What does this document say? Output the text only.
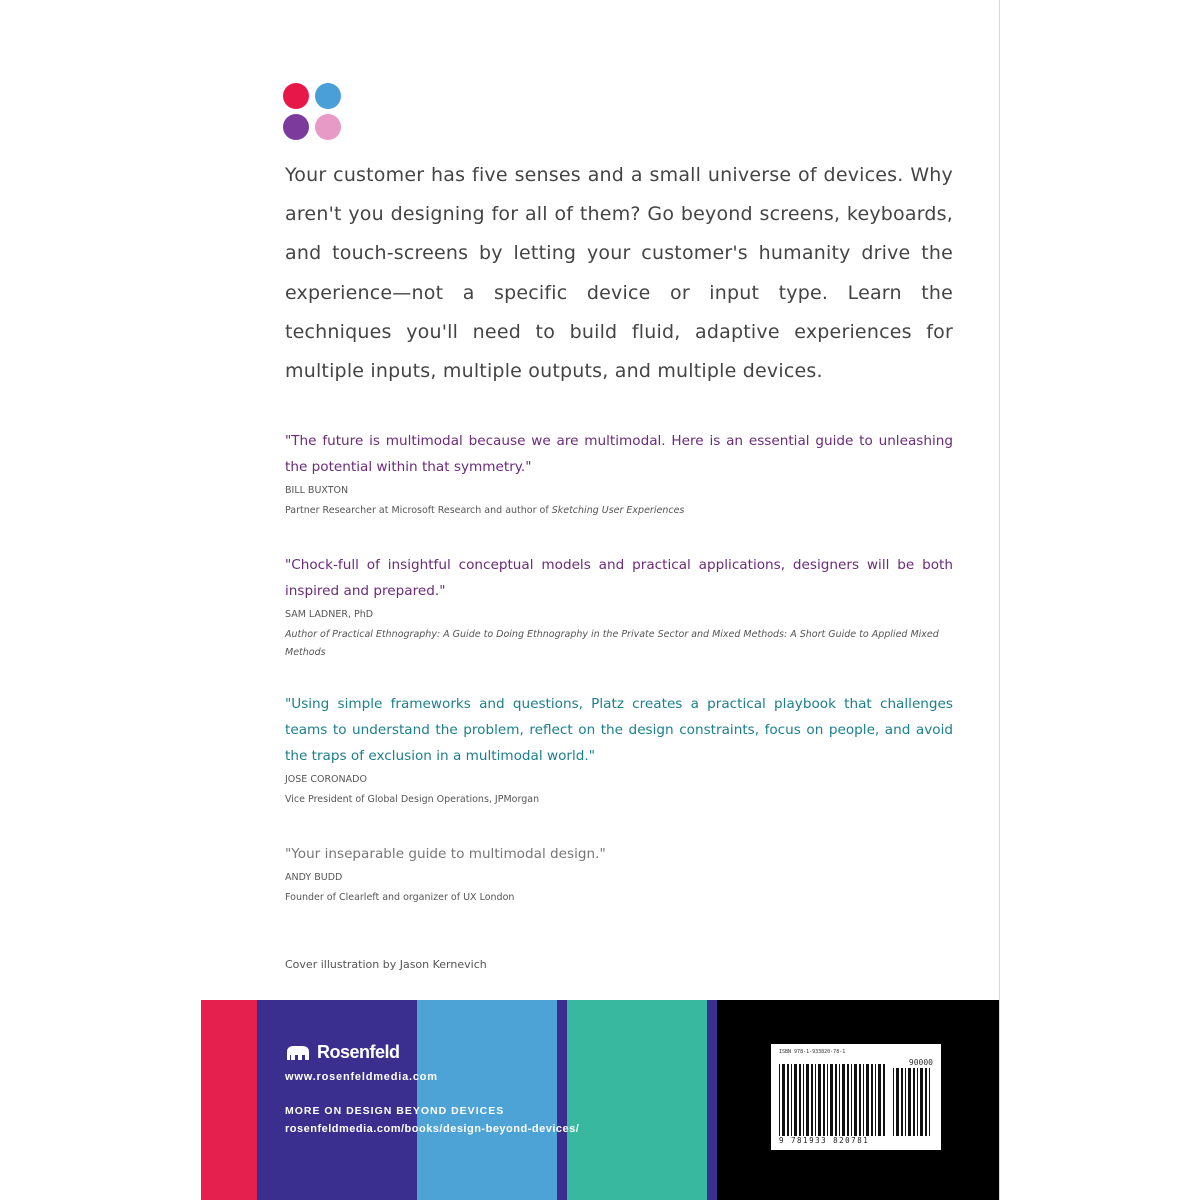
Your customer has five senses and a small universe of devices. Why aren't you designing for all of them? Go beyond screens, keyboards, and touch-screens by letting your customer's humanity drive the experience—not a specific device or input type. Learn the techniques you'll need to build fluid, adaptive experiences for multiple inputs, multiple outputs, and multiple devices.

"The future is multimodal because we are multimodal. Here is an essential guide to unleashing the potential within that symmetry."

BILL BUXTON

Partner Researcher at Microsoft Research and author of Sketching User Experiences

"Chock-full of insightful conceptual models and practical applications, designers will be both inspired and prepared."

SAM LADNER, PhD

Author of Practical Ethnography: A Guide to Doing Ethnography in the Private Sector and Mixed Methods: A Short Guide to Applied Mixed Methods

"Using simple frameworks and questions, Platz creates a practical playbook that challenges teams to understand the problem, reflect on the design constraints, focus on people, and avoid the traps of exclusion in a multimodal world."

JOSE CORONADO

Vice President of Global Design Operations, JPMorgan

"Your inseparable guide to multimodal design."

ANDY BUDD

Founder of Clearleft and organizer of UX London

Cover illustration by Jason Kernevich
Rosenfeld
www.rosenfeldmedia.com
MORE ON DESIGN BEYOND DEVICES
rosenfeldmedia.com/books/design-beyond-devices/
ISBN 978-1-933820-78-1
90000
9 781933 820781
